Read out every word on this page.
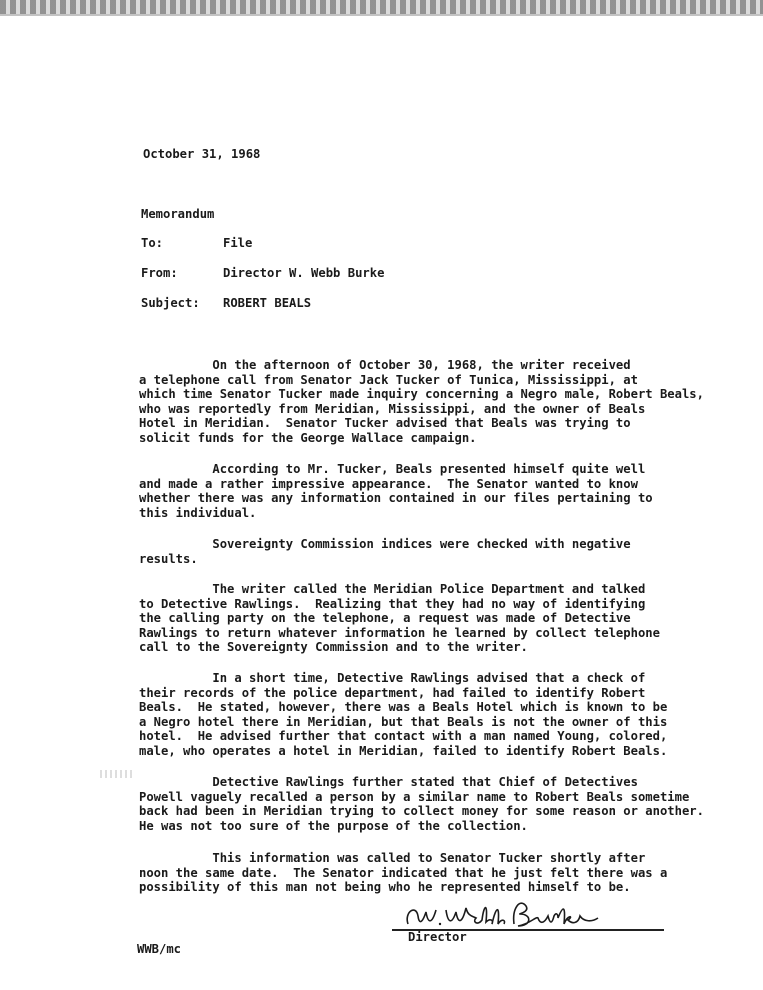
October 31, 1968
Memorandum
To:	File
From:	Director W. Webb Burke
Subject: ROBERT BEALS
On the afternoon of October 30, 1968, the writer received
a telephone call from Senator Jack Tucker of Tunica, Mississippi, at
which time Senator Tucker made inquiry concerning a Negro male, Robert Beals,
who was reportedly from Meridian, Mississippi, and the owner of Beals
Hotel in Meridian.  Senator Tucker advised that Beals was trying to
solicit funds for the George Wallace campaign.
According to Mr. Tucker, Beals presented himself quite well
and made a rather impressive appearance.  The Senator wanted to know
whether there was any information contained in our files pertaining to
this individual.
Sovereignty Commission indices were checked with negative
results.
The writer called the Meridian Police Department and talked
to Detective Rawlings.  Realizing that they had no way of identifying
the calling party on the telephone, a request was made of Detective
Rawlings to return whatever information he learned by collect telephone
call to the Sovereignty Commission and to the writer.
In a short time, Detective Rawlings advised that a check of
their records of the police department, had failed to identify Robert
Beals.  He stated, however, there was a Beals Hotel which is known to be
a Negro hotel there in Meridian, but that Beals is not the owner of this
hotel.  He advised further that contact with a man named Young, colored,
male, who operates a hotel in Meridian, failed to identify Robert Beals.
Detective Rawlings further stated that Chief of Detectives
Powell vaguely recalled a person by a similar name to Robert Beals sometime
back had been in Meridian trying to collect money for some reason or another.
He was not too sure of the purpose of the collection.
This information was called to Senator Tucker shortly after
noon the same date.  The Senator indicated that he just felt there was a
possibility of this man not being who he represented himself to be.
Director
WWB/mc
